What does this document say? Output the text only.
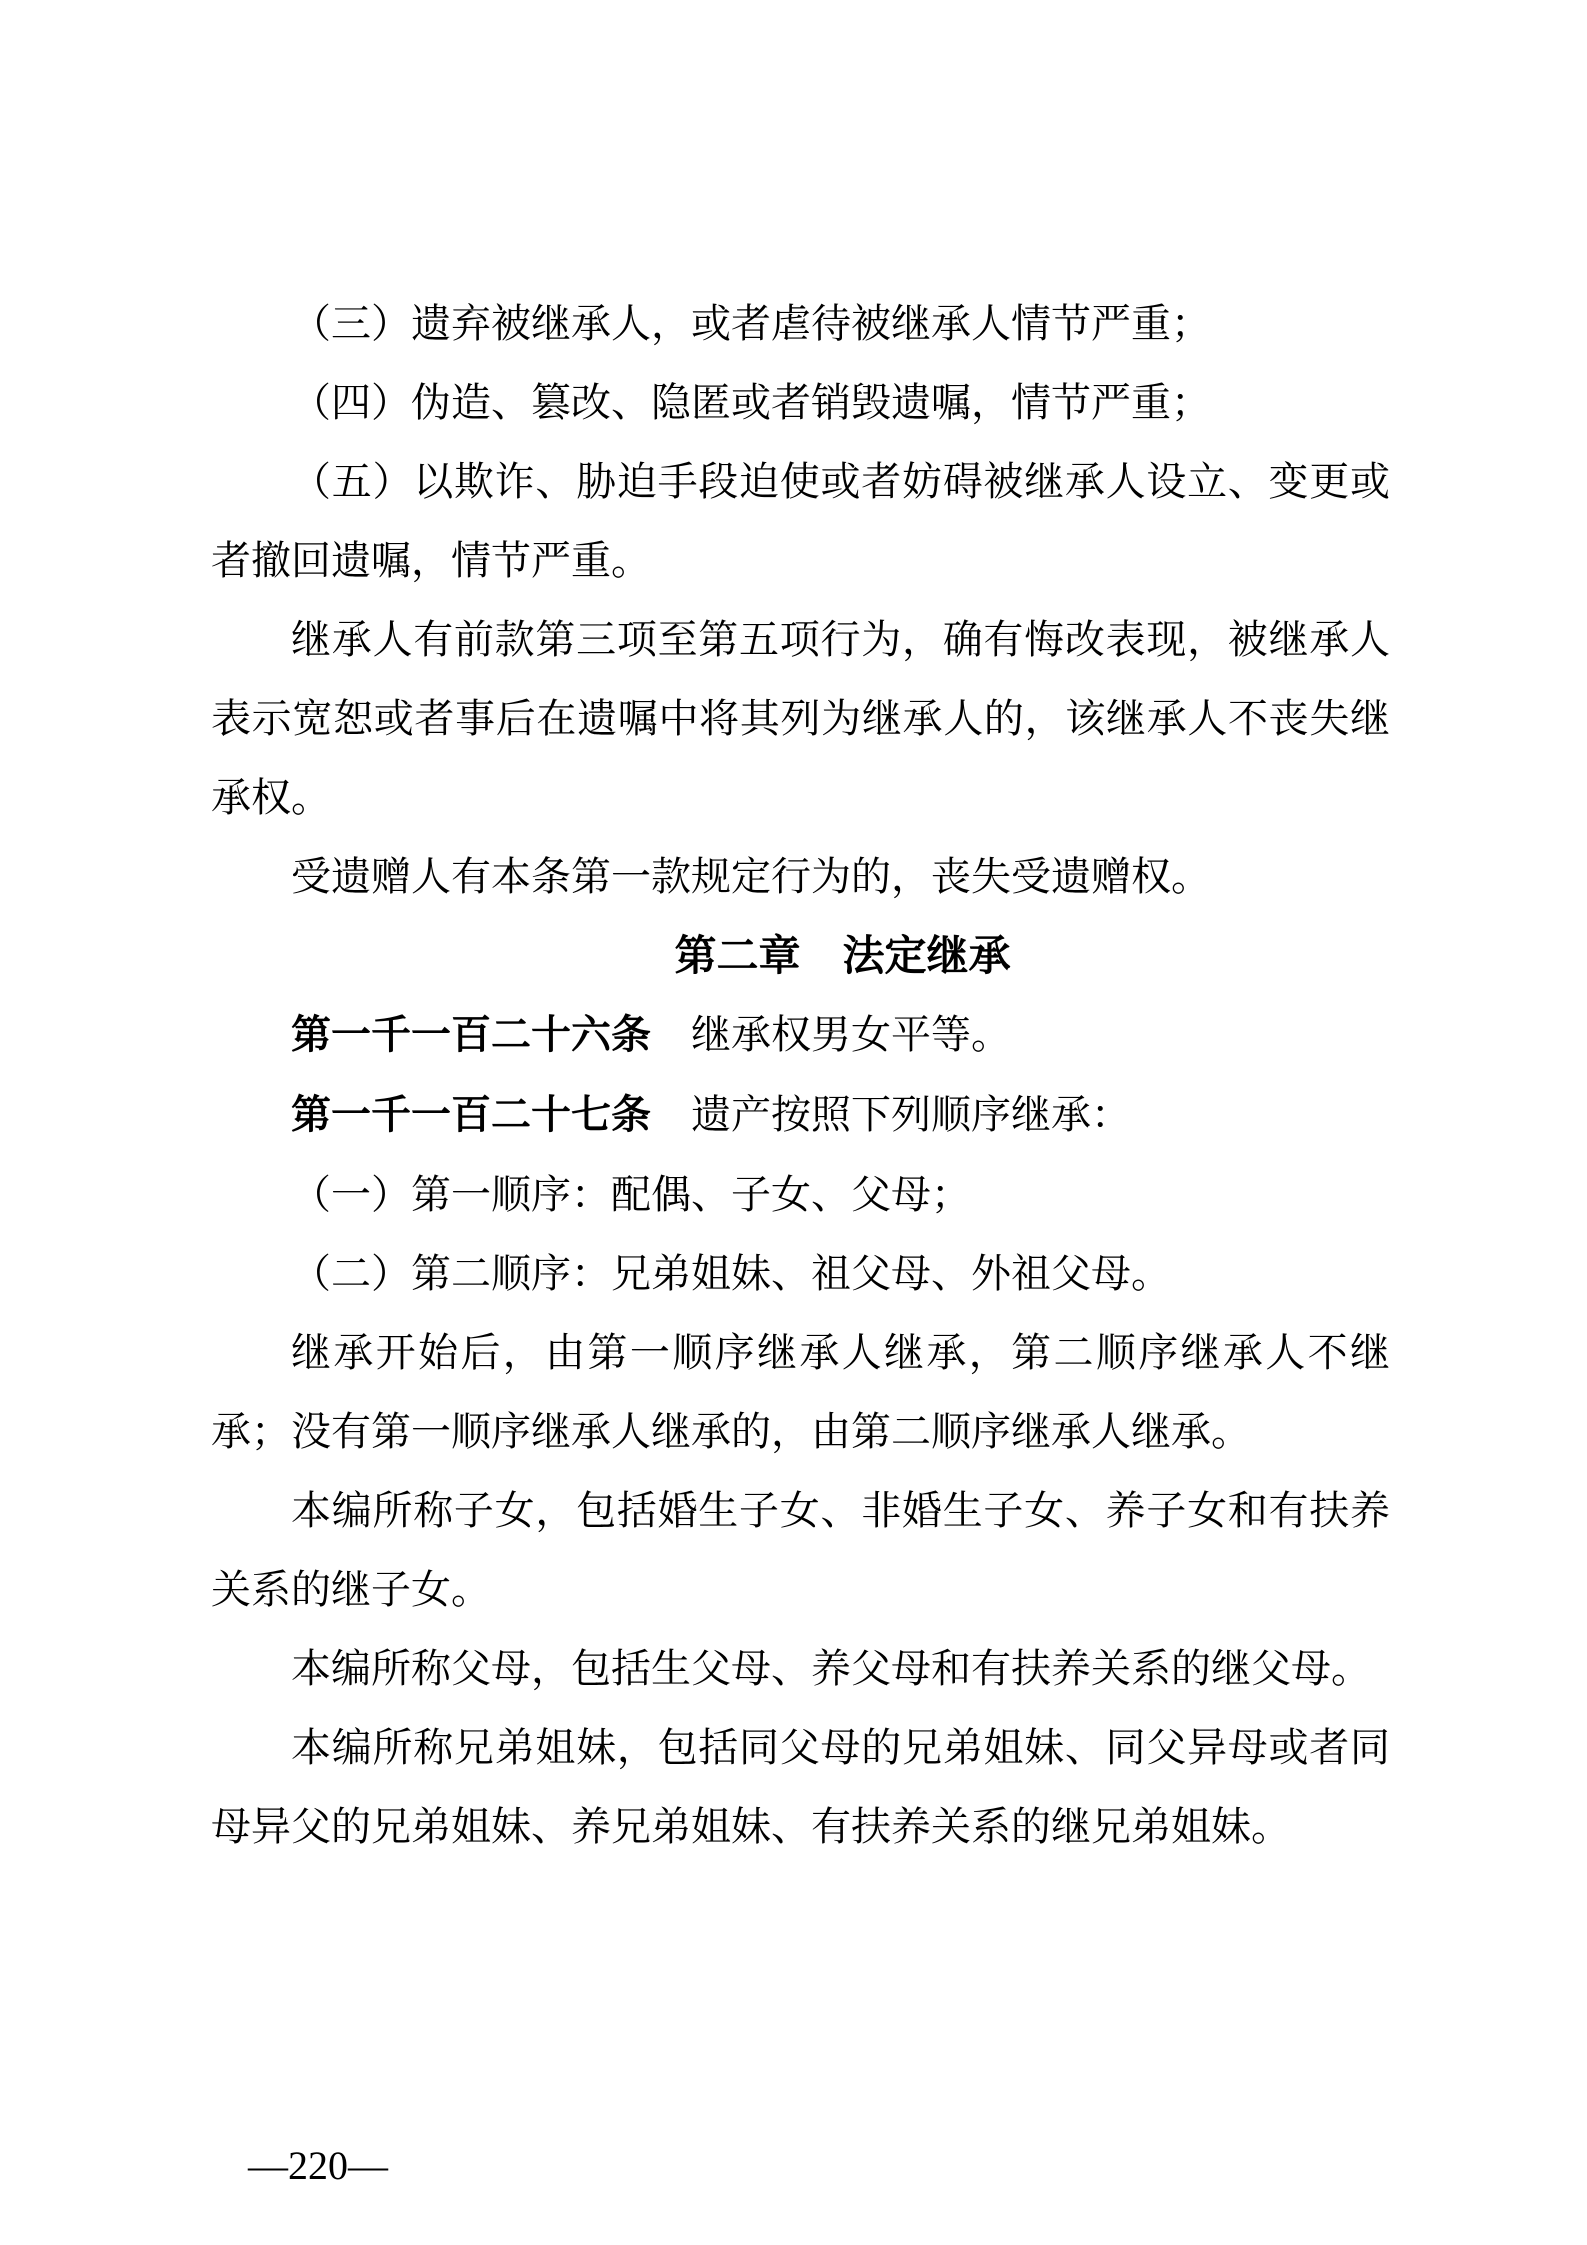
（三）遗弃被继承人，或者虐待被继承人情节严重；

（四）伪造、篡改、隐匿或者销毁遗嘱，情节严重；

（五）以欺诈、胁迫手段迫使或者妨碍被继承人设立、变更或者撤回遗嘱，情节严重。

继承人有前款第三项至第五项行为，确有悔改表现，被继承人表示宽恕或者事后在遗嘱中将其列为继承人的，该继承人不丧失继承权。

受遗赠人有本条第一款规定行为的，丧失受遗赠权。

第二章　法定继承

第一千一百二十六条 继承权男女平等。

第一千一百二十七条 遗产按照下列顺序继承：

（一）第一顺序：配偶、子女、父母；

（二）第二顺序：兄弟姐妹、祖父母、外祖父母。

继承开始后，由第一顺序继承人继承，第二顺序继承人不继承；没有第一顺序继承人继承的，由第二顺序继承人继承。

本编所称子女，包括婚生子女、非婚生子女、养子女和有扶养关系的继子女。

本编所称父母，包括生父母、养父母和有扶养关系的继父母。

本编所称兄弟姐妹，包括同父母的兄弟姐妹、同父异母或者同母异父的兄弟姐妹、养兄弟姐妹、有扶养关系的继兄弟姐妹。

—220—
